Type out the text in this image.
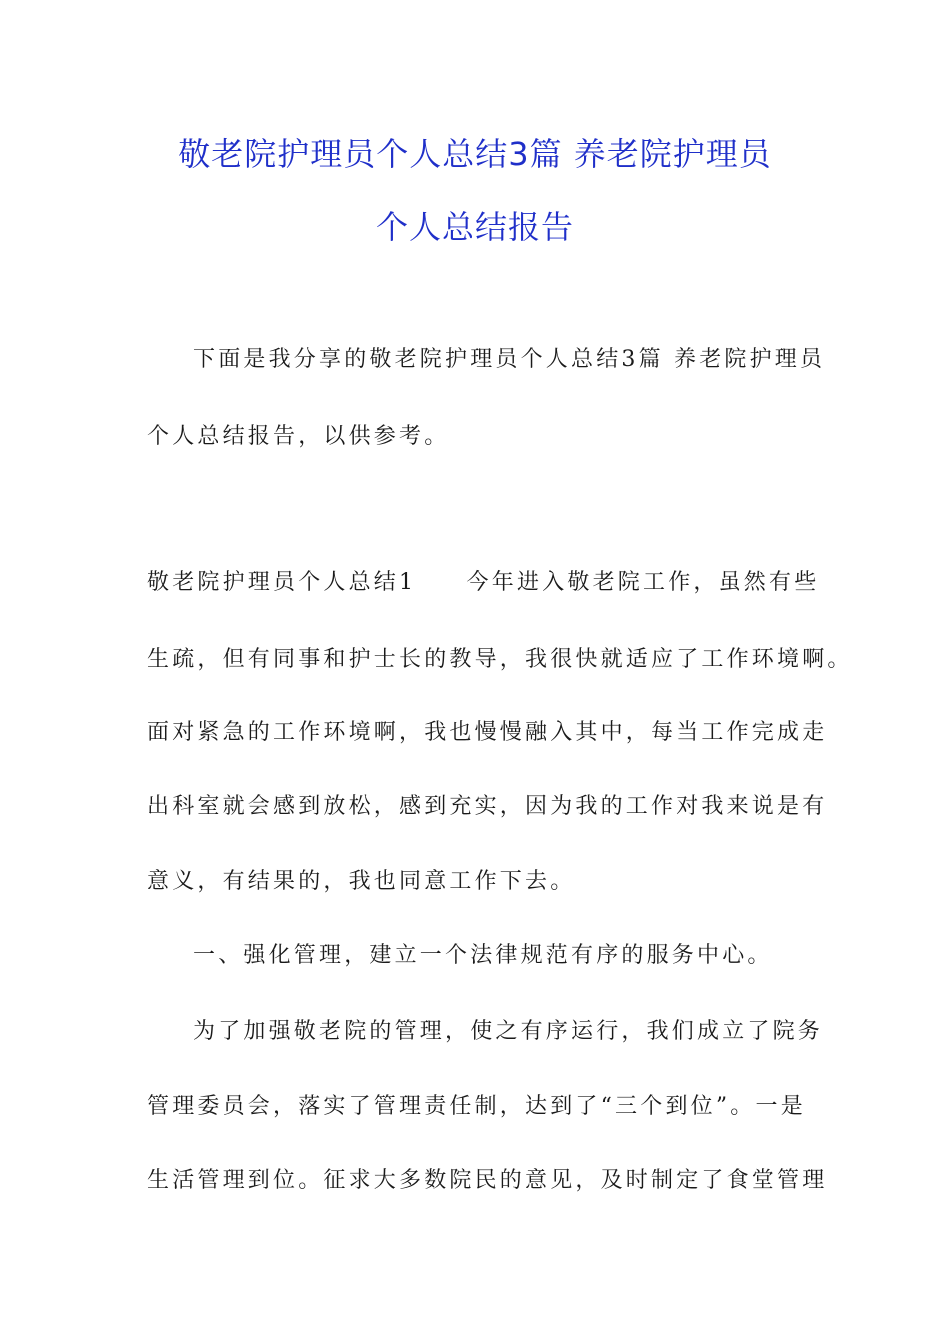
敬老院护理员个人总结3篇 养老院护理员
个人总结报告
下面是我分享的敬老院护理员个人总结3篇 养老院护理员
个人总结报告，以供参考。
敬老院护理员个人总结1　　今年进入敬老院工作，虽然有些
生疏，但有同事和护士长的教导，我很快就适应了工作环境啊。
面对紧急的工作环境啊，我也慢慢融入其中，每当工作完成走
出科室就会感到放松，感到充实，因为我的工作对我来说是有
意义，有结果的，我也同意工作下去。
一、强化管理，建立一个法律规范有序的服务中心。
为了加强敬老院的管理，使之有序运行，我们成立了院务
管理委员会，落实了管理责任制，达到了“三个到位”。一是
生活管理到位。征求大多数院民的意见，及时制定了食堂管理
